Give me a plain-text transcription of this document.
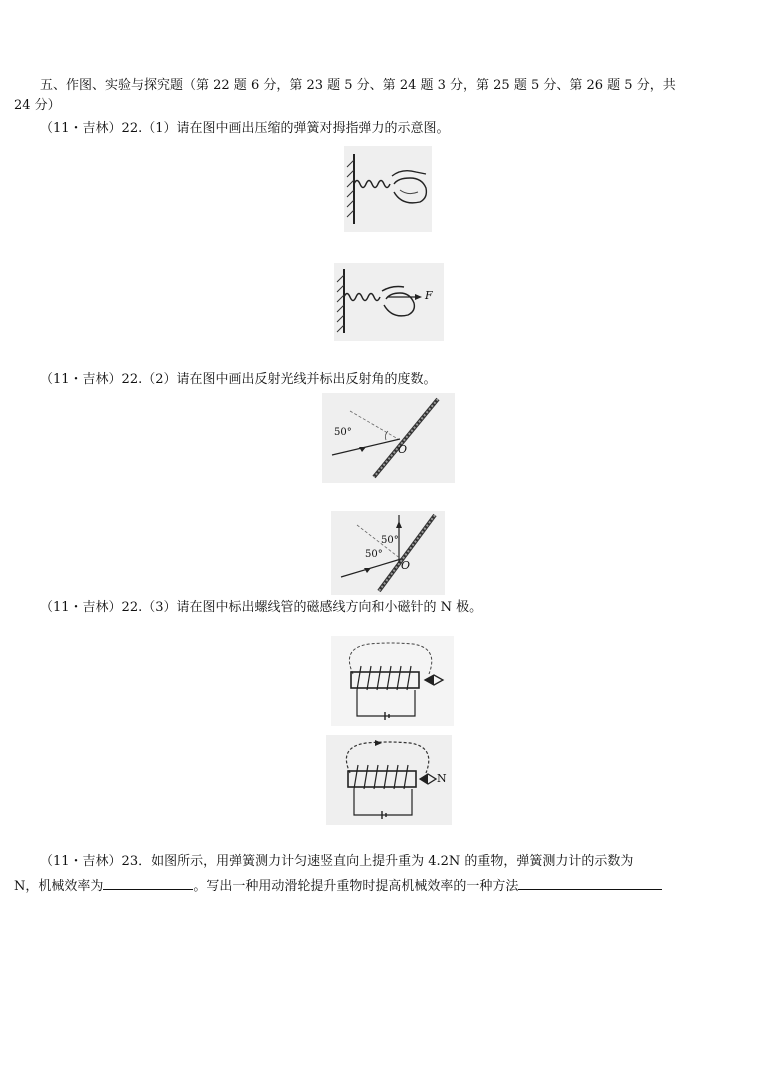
五、作图、实验与探究题（第 22 题 6 分，第 23 题 5 分、第 24 题 3 分，第 25 题 5 分、第 26 题 5 分，共
24 分）
（11・吉林）22.（1）请在图中画出压缩的弹簧对拇指弹力的示意图。
F
（11・吉林）22.（2）请在图中画出反射光线并标出反射角的度数。
50°
O
50°
50°
O
（11・吉林）22.（3）请在图中标出螺线管的磁感线方向和小磁针的 N 极。
N
（11・吉林）23．如图所示，用弹簧测力计匀速竖直向上提升重为 4.2N 的重物，弹簧测力计的示数为
N，机械效率为	。写出一种用动滑轮提升重物时提高机械效率的一种方法
